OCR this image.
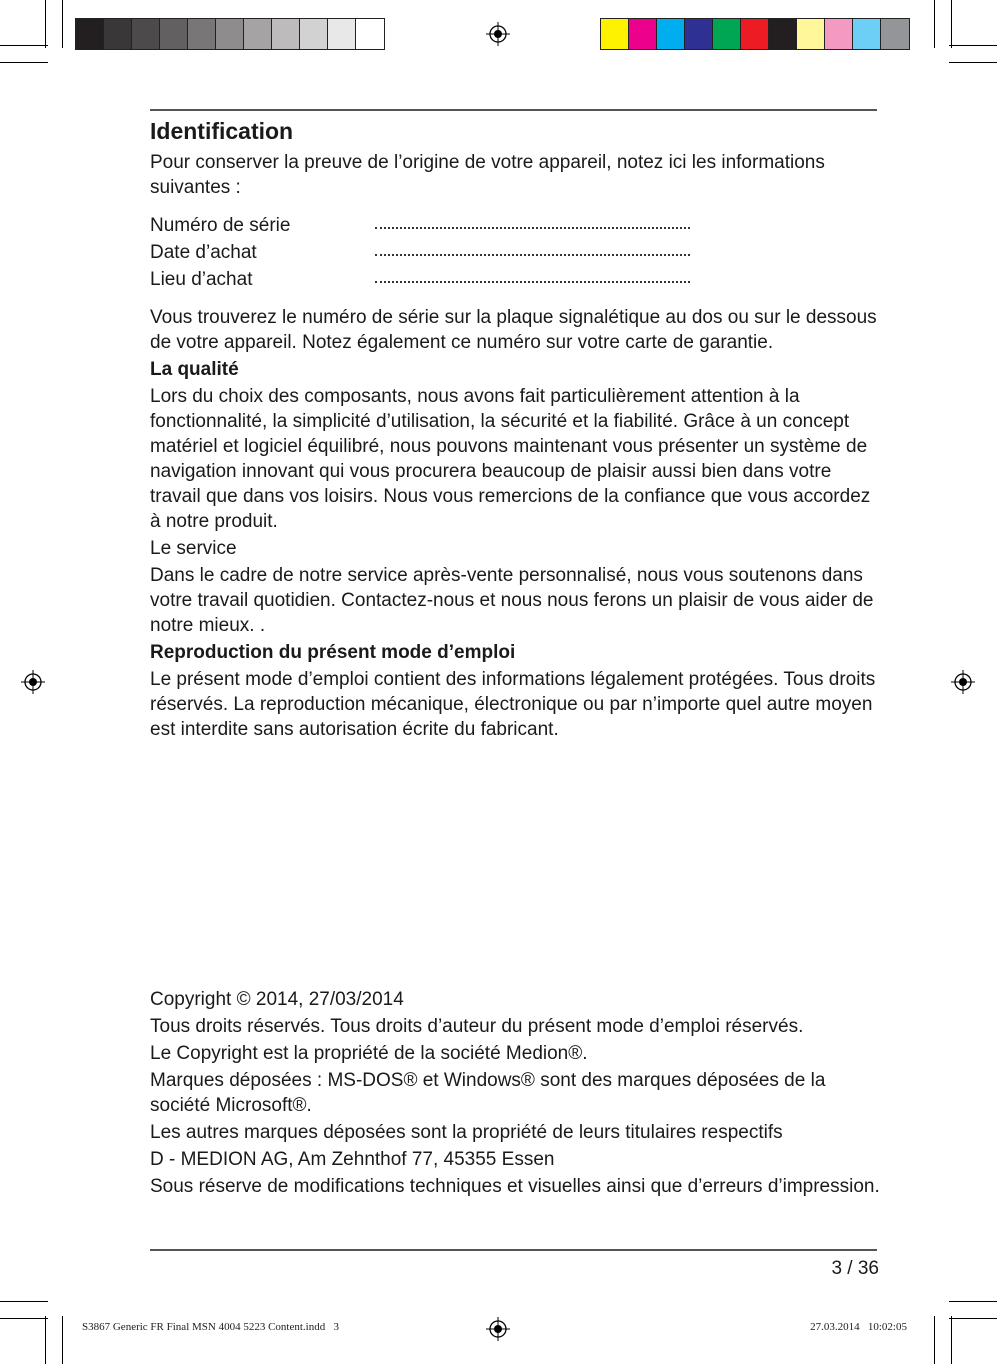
Identification

Pour conserver la preuve de l’origine de votre appareil, notez ici les informations suivantes :

Numéro de série
Date d’achat
Lieu d’achat

Vous trouverez le numéro de série sur la plaque signalétique au dos ou sur le dessous de votre appareil. Notez également ce numéro sur votre carte de garantie.

La qualité

Lors du choix des composants, nous avons fait particulièrement attention à la fonctionnalité, la simplicité d’utilisation, la sécurité et la fiabilité. Grâce à un concept matériel et logiciel équilibré, nous pouvons maintenant vous présenter un système de navigation innovant qui vous procurera beaucoup de plaisir aussi bien dans votre travail que dans vos loisirs. Nous vous remercions de la confiance que vous accordez à notre produit.

Le service

Dans le cadre de notre service après-vente personnalisé, nous vous soutenons dans votre travail quotidien. Contactez-nous et nous nous ferons un plaisir de vous aider de notre mieux. .

Reproduction du présent mode d’emploi

Le présent mode d’emploi contient des informations légalement protégées. Tous droits réservés. La reproduction mécanique, électronique ou par n’importe quel autre moyen est interdite sans autorisation écrite du fabricant.

Copyright © 2014, 27/03/2014

Tous droits réservés. Tous droits d’auteur du présent mode d’emploi réservés.

Le Copyright est la propriété de la société Medion®.

Marques déposées : MS-DOS® et Windows® sont des marques déposées de la société Microsoft®.

Les autres marques déposées sont la propriété de leurs titulaires respectifs

D - MEDION AG, Am Zehnthof 77, 45355 Essen

Sous réserve de modifications techniques et visuelles ainsi que d’erreurs d’impression.

3 / 36
S3867 Generic FR Final MSN 4004 5223 Content.indd   3	27.03.2014   10:02:05
